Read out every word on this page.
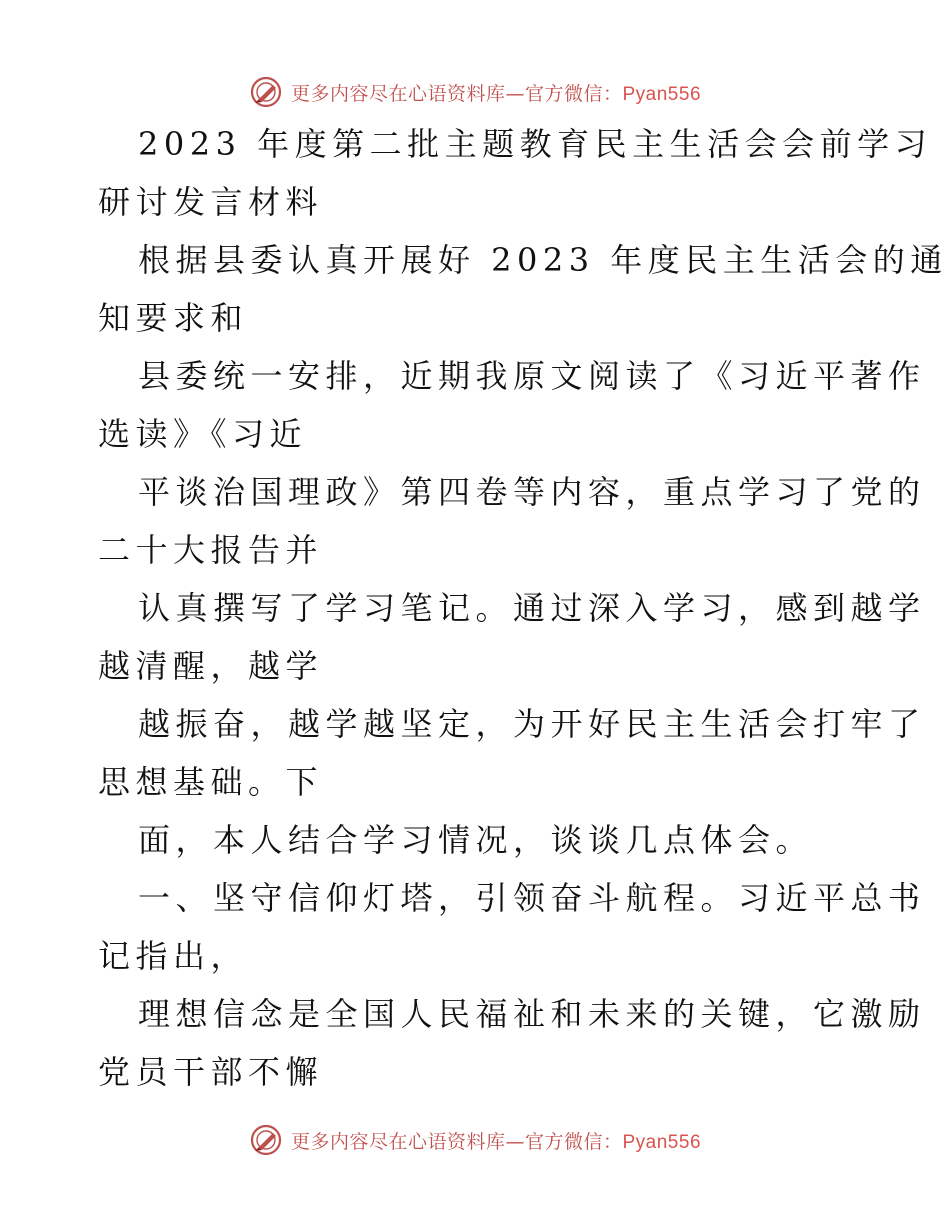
更多内容尽在心语资料库—官方微信：Pyan556
2023 年度第二批主题教育民主生活会会前学习
研讨发言材料
根据县委认真开展好 2023 年度民主生活会的通
知要求和
县委统一安排，近期我原文阅读了《习近平著作
选读》《习近
平谈治国理政》第四卷等内容，重点学习了党的
二十大报告并
认真撰写了学习笔记。通过深入学习，感到越学
越清醒，越学
越振奋，越学越坚定，为开好民主生活会打牢了
思想基础。下
面，本人结合学习情况，谈谈几点体会。
一、坚守信仰灯塔，引领奋斗航程。习近平总书
记指出，
理想信念是全国人民福祉和未来的关键，它激励
党员干部不懈
更多内容尽在心语资料库—官方微信：Pyan556
